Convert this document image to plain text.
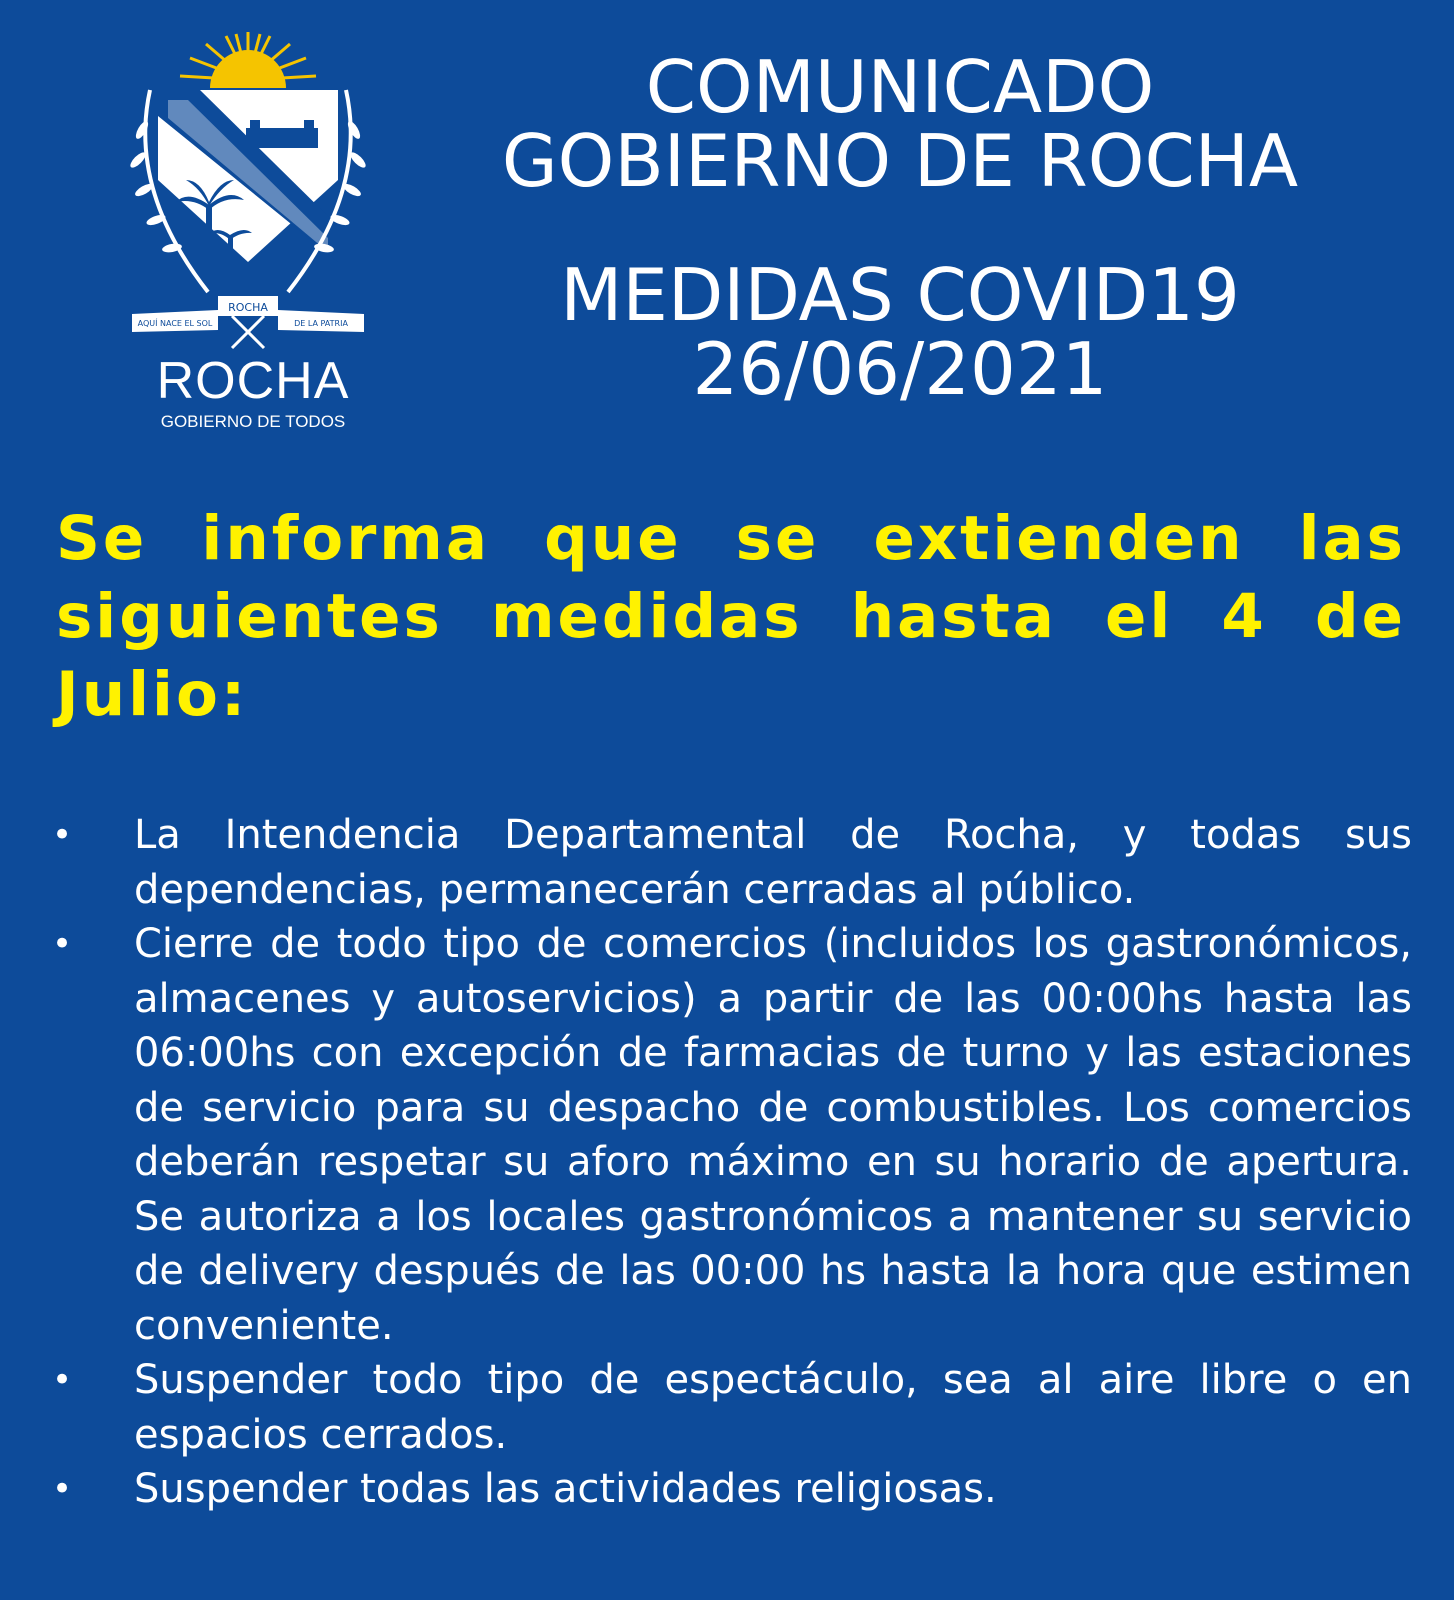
ROCHA
AQUÍ NACE EL SOL	DE LA PATRIA
ROCHA
GOBIERNO DE TODOS
COMUNICADO
GOBIERNO DE ROCHA
MEDIDAS COVID19
26/06/2021
Se informa que se extienden las siguientes medidas hasta el 4 de Julio:
• La Intendencia Departamental de Rocha, y todas sus dependencias, permanecerán cerradas al público.
• Cierre de todo tipo de comercios (incluidos los gastronómicos, almacenes y autoservicios) a partir de las 00:00hs hasta las 06:00hs con excepción de farmacias de turno y las estaciones de servicio para su despacho de combustibles. Los comercios deberán respetar su aforo máximo en su horario de apertura. Se autoriza a los locales gastronómicos a mantener su servicio de delivery después de las 00:00 hs hasta la hora que estimen conveniente.
• Suspender todo tipo de espectáculo, sea al aire libre o en espacios cerrados.
• Suspender todas las actividades religiosas.
